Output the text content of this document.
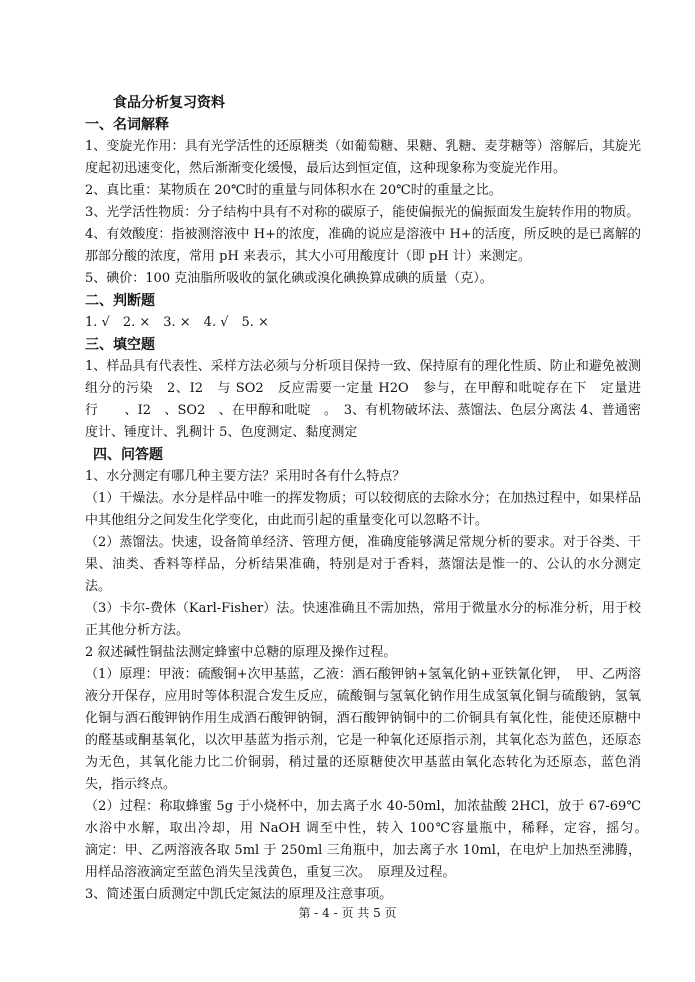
食品分析复习资料
一、名词解释

1、变旋光作用：具有光学活性的还原糖类（如葡萄糖、果糖、乳糖、麦芽糖等）溶解后，其旋光度起初迅速变化，然后渐渐变化缓慢，最后达到恒定值，这种现象称为变旋光作用。

2、真比重：某物质在 20℃时的重量与同体积水在 20℃时的重量之比。

3、光学活性物质：分子结构中具有不对称的碳原子，能使偏振光的偏振面发生旋转作用的物质。

4、有效酸度：指被测溶液中 H+的浓度，准确的说应是溶液中 H+的活度，所反映的是已离解的那部分酸的浓度，常用 pH 来表示，其大小可用酸度计（即 pH 计）来测定。

5、碘价：100 克油脂所吸收的氯化碘或溴化碘换算成碘的质量（克）。

二、判断题

1. √　2. ×　3. ×　4. √　5. ×

三、填空题

1、样品具有代表性、采样方法必须与分析项目保持一致、保持原有的理化性质、防止和避免被测组分的污染　2、I2　与 SO2　反应需要一定量 H2O　参与，在甲醇和吡啶存在下　定量进行　　、I2　、SO2　、在甲醇和吡啶　。　3、有机物破坏法、蒸馏法、色层分离法 4、普通密度计、锤度计、乳稠计 5、色度测定、黏度测定

四、问答题

1、水分测定有哪几种主要方法？采用时各有什么特点？

（1）干燥法。水分是样品中唯一的挥发物质；可以较彻底的去除水分；在加热过程中，如果样品中其他组分之间发生化学变化，由此而引起的重量变化可以忽略不计。

（2）蒸馏法。快速，设备简单经济、管理方便，准确度能够满足常规分析的要求。对于谷类、干果、油类、香料等样品，分析结果准确，特别是对于香料，蒸馏法是惟一的、公认的水分测定法。

（3）卡尔-费休（Karl-Fisher）法。快速准确且不需加热，常用于微量水分的标准分析，用于校正其他分析方法。

2 叙述碱性铜盐法测定蜂蜜中总糖的原理及操作过程。

（1）原理：甲液：硫酸铜+次甲基蓝，乙液：酒石酸钾钠+氢氧化钠+亚铁氰化钾，　甲、乙两溶液分开保存，应用时等体积混合发生反应，硫酸铜与氢氧化钠作用生成氢氧化铜与硫酸钠，氢氧化铜与酒石酸钾钠作用生成酒石酸钾钠铜，酒石酸钾钠铜中的二价铜具有氧化性，能使还原糖中的醛基或酮基氧化，以次甲基蓝为指示剂，它是一种氧化还原指示剂，其氧化态为蓝色，还原态为无色，其氧化能力比二价铜弱，稍过量的还原糖使次甲基蓝由氧化态转化为还原态，蓝色消失，指示终点。

（2）过程：称取蜂蜜 5g 于小烧杯中，加去离子水 40-50ml，加浓盐酸 2HCl，放于 67-69℃水浴中水解，取出冷却，用 NaOH 调至中性，转入 100℃容量瓶中，稀释，定容，摇匀。　　　　滴定：甲、乙两溶液各取 5ml 于 250ml 三角瓶中，加去离子水 10ml，在电炉上加热至沸腾，用样品溶液滴定至蓝色消失呈浅黄色，重复三次。　原理及过程。

3、简述蛋白质测定中凯氏定氮法的原理及注意事项。

第 - 4 - 页 共 5 页
